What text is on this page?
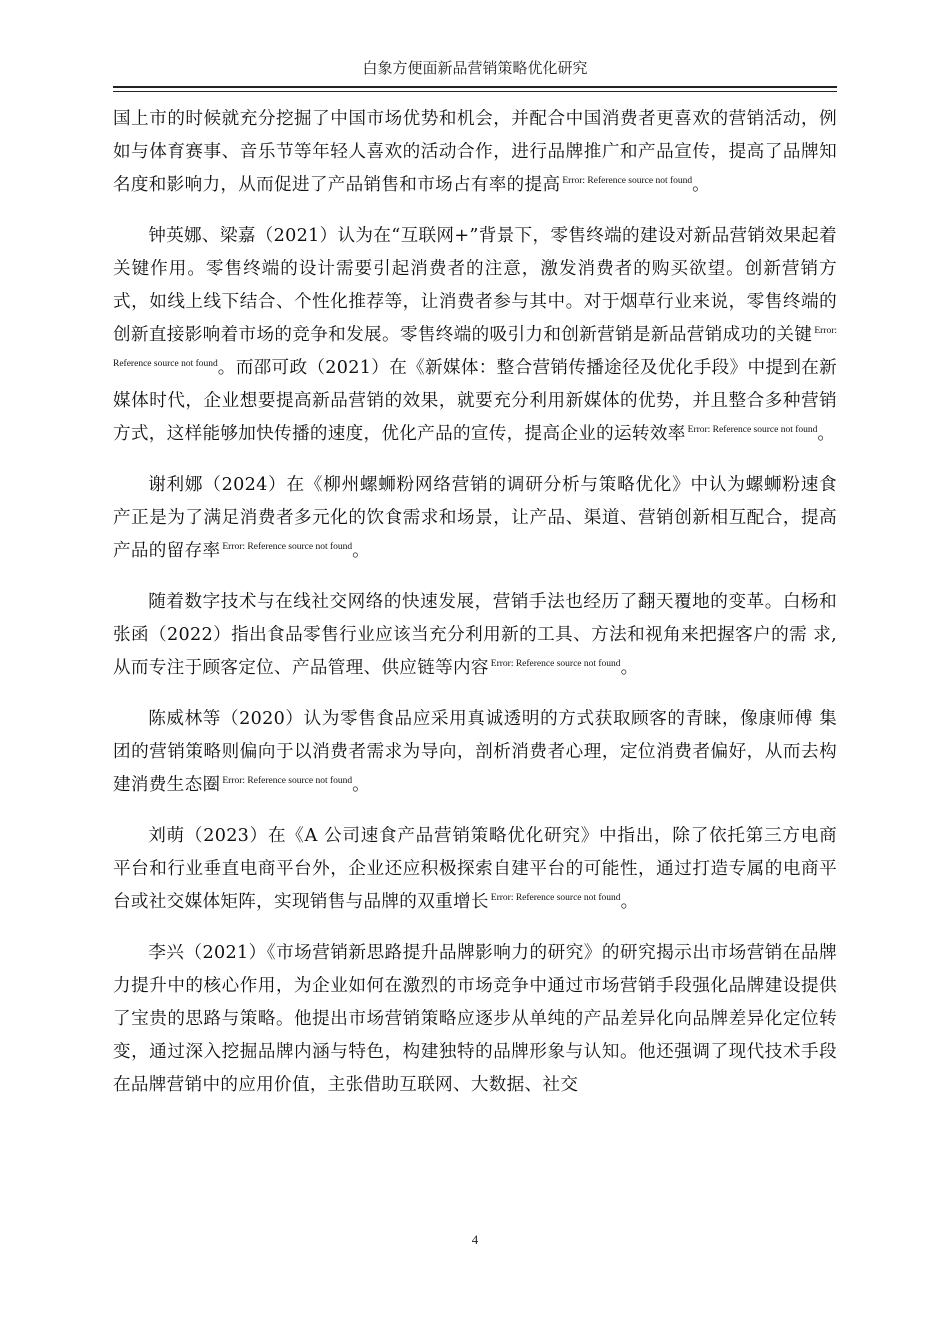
白象方便面新品营销策略优化研究

国上市的时候就充分挖掘了中国市场优势和机会，并配合中国消费者更喜欢的营销活动，例如与体育赛事、音乐节等年轻人喜欢的活动合作，进行品牌推广和产品宣传，提高了品牌知名度和影响力，从而促进了产品销售和市场占有率的提高 $^{Error: Reference source not found}$。

钟英娜、梁嘉（2021）认为在“互联网+”背景下，零售终端的建设对新品营销效果起着关键作用。零售终端的设计需要引起消费者的注意，激发消费者的购买欲望。创新营销方式，如线上线下结合、个性化推荐等，让消费者参与其中。对于烟草行业来说，零售终端的创新直接影响着市场的竞争和发展。零售终端的吸引力和创新营销是新品营销成功的关键 $^{Error: Reference source not found}$。而邵可政（2021）在《新媒体：整合营销传播途径及优化手段》中提到在新媒体时代，企业想要提高新品营销的效果，就要充分利用新媒体的优势，并且整合多种营销方式，这样能够加快传播的速度，优化产品的宣传，提高企业的运转效率 $^{Error: Reference source not found}$。

谢利娜（2024）在《柳州螺蛳粉网络营销的调研分析与策略优化》中认为螺蛳粉速食产正是为了满足消费者多元化的饮食需求和场景，让产品、渠道、营销创新相互配合，提高产品的留存率 $^{Error: Reference source not found}$。

随着数字技术与在线社交网络的快速发展，营销手法也经历了翻天覆地的变革。白杨和张函（2022）指出食品零售行业应该当充分利用新的工具、方法和视角来把握客户的需 求,从而专注于顾客定位、产品管理、供应链等内容 $^{Error: Reference source not found}$。

陈威林等（2020）认为零售食品应采用真诚透明的方式获取顾客的青睐，像康师傅 集团的营销策略则偏向于以消费者需求为导向，剖析消费者心理，定位消费者偏好，从而去构建消费生态圈 $^{Error: Reference source not found}$。

刘萌（2023）在《A 公司速食产品营销策略优化研究》中指出，除了依托第三方电商 平台和行业垂直电商平台外，企业还应积极探索自建平台的可能性，通过打造专属的电商平台或社交媒体矩阵，实现销售与品牌的双重增长 $^{Error: Reference source not found}$。

李兴（2021）《市场营销新思路提升品牌影响力的研究》的研究揭示出市场营销在品牌力提升中的核心作用，为企业如何在激烈的市场竞争中通过市场营销手段强化品牌建设提供了宝贵的思路与策略。他提出市场营销策略应逐步从单纯的产品差异化向品牌差异化定位转变，通过深入挖掘品牌内涵与特色，构建独特的品牌形象与认知。他还强调了现代技术手段在品牌营销中的应用价值，主张借助互联网、大数据、社交

4
